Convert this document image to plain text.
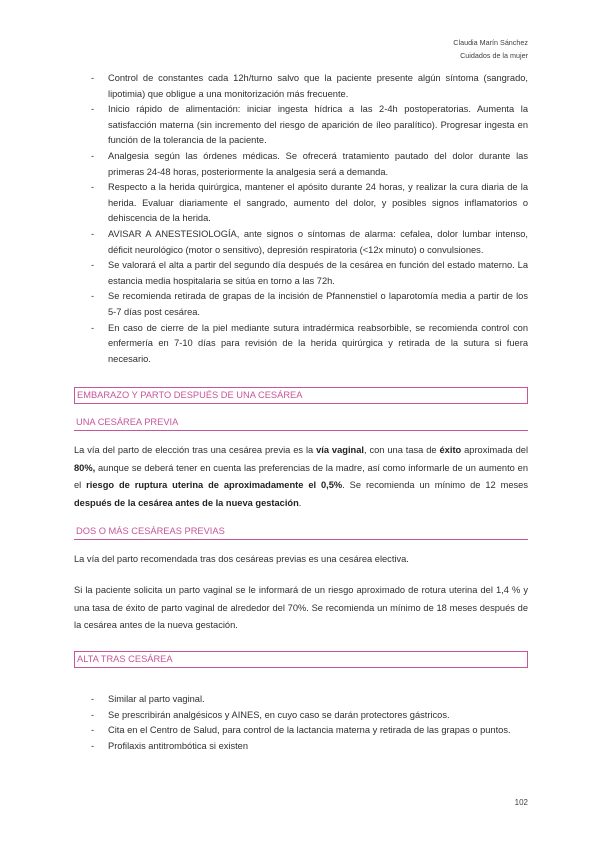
Claudia Marín Sánchez
Cuidados de la mujer
- Control de constantes cada 12h/turno salvo que la paciente presente algún síntoma (sangrado, lipotimia) que obligue a una monitorización más frecuente.
- Inicio rápido de alimentación: iniciar ingesta hídrica a las 2-4h postoperatorias. Aumenta la satisfacción materna (sin incremento del riesgo de aparición de íleo paralítico). Progresar ingesta en función de la tolerancia de la paciente.
- Analgesia según las órdenes médicas. Se ofrecerá tratamiento pautado del dolor durante las primeras 24-48 horas, posteriormente la analgesia será a demanda.
- Respecto a la herida quirúrgica, mantener el apósito durante 24 horas, y realizar la cura diaria de la herida. Evaluar diariamente el sangrado, aumento del dolor, y posibles signos inflamatorios o dehiscencia de la herida.
- AVISAR A ANESTESIOLOGÍA, ante signos o síntomas de alarma: cefalea, dolor lumbar intenso, déficit neurológico (motor o sensitivo), depresión respiratoria (<12x minuto) o convulsiones.
- Se valorará el alta a partir del segundo día después de la cesárea en función del estado materno. La estancia media hospitalaria se sitúa en torno a las 72h.
- Se recomienda retirada de grapas de la incisión de Pfannenstiel o laparotomía media a partir de los 5-7 días post cesárea.
- En caso de cierre de la piel mediante sutura intradérmica reabsorbible, se recomienda control con enfermería en 7-10 días para revisión de la herida quirúrgica y retirada de la sutura si fuera necesario.
EMBARAZO Y PARTO DESPUÉS DE UNA CESÁREA
UNA CESÁREA PREVIA

La vía del parto de elección tras una cesárea previa es la vía vaginal, con una tasa de éxito aproximada del 80%, aunque se deberá tener en cuenta las preferencias de la madre, así como informarle de un aumento en el riesgo de ruptura uterina de aproximadamente el 0,5%. Se recomienda un mínimo de 12 meses después de la cesárea antes de la nueva gestación.

DOS O MÁS CESÁREAS PREVIAS

La vía del parto recomendada tras dos cesáreas previas es una cesárea electiva.

Si la paciente solicita un parto vaginal se le informará de un riesgo aproximado de rotura uterina del 1,4 % y una tasa de éxito de parto vaginal de alrededor del 70%. Se recomienda un mínimo de 18 meses después de la cesárea antes de la nueva gestación.

ALTA TRAS CESÁREA
- Similar al parto vaginal.
- Se prescribirán analgésicos y AINES, en cuyo caso se darán protectores gástricos.
- Cita en el Centro de Salud, para control de la lactancia materna y retirada de las grapas o puntos.
- Profilaxis antitrombótica si existen
102
